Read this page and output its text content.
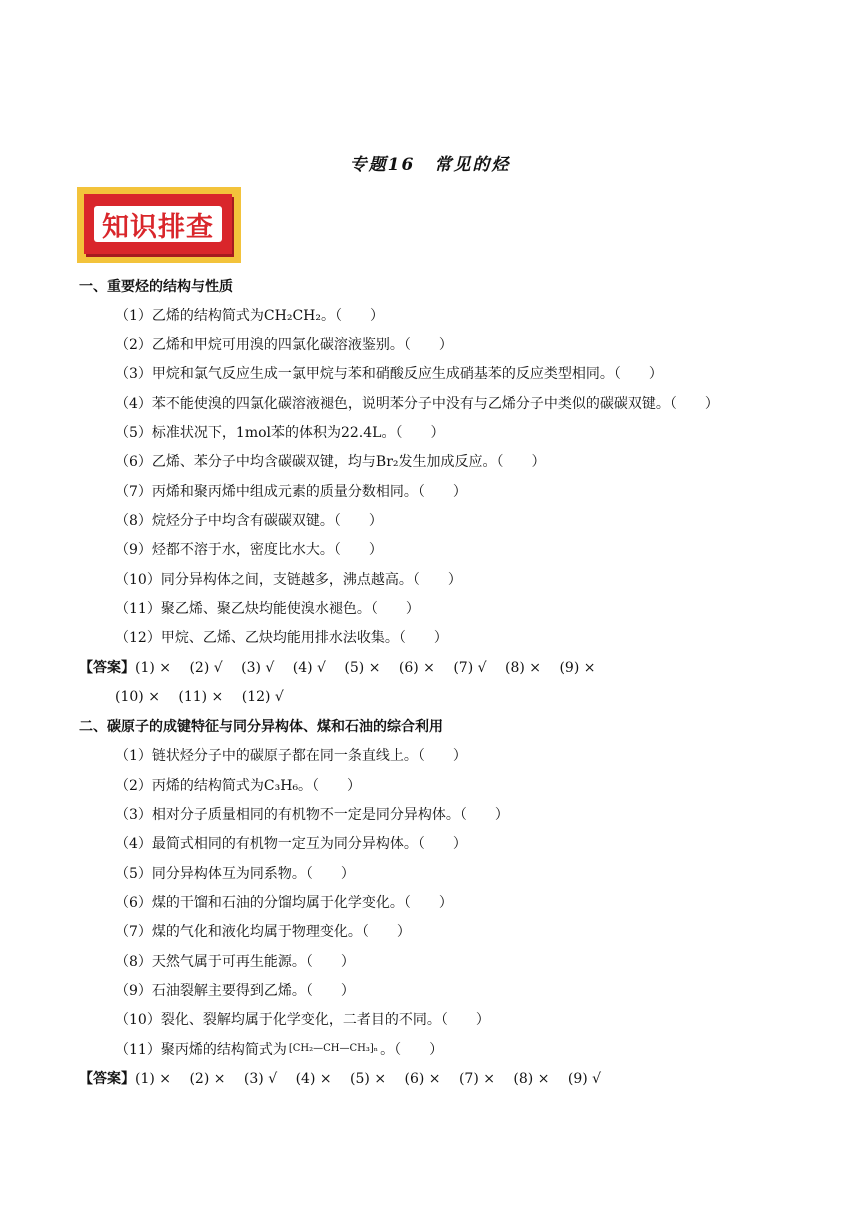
专题16　常见的烃
知识排查
一、重要烃的结构与性质
（1）乙烯的结构简式为CH₂CH₂。（　　）
（2）乙烯和甲烷可用溴的四氯化碳溶液鉴别。（　　）
（3）甲烷和氯气反应生成一氯甲烷与苯和硝酸反应生成硝基苯的反应类型相同。（　　）
（4）苯不能使溴的四氯化碳溶液褪色，说明苯分子中没有与乙烯分子中类似的碳碳双键。（　　）
（5）标准状况下，1mol苯的体积为22.4L。（　　）
（6）乙烯、苯分子中均含碳碳双键，均与Br₂发生加成反应。（　　）
（7）丙烯和聚丙烯中组成元素的质量分数相同。（　　）
（8）烷烃分子中均含有碳碳双键。（　　）
（9）烃都不溶于水，密度比水大。（　　）
（10）同分异构体之间，支链越多，沸点越高。（　　）
（11）聚乙烯、聚乙炔均能使溴水褪色。（　　）
（12）甲烷、乙烯、乙炔均能用排水法收集。（　　）
【答案】(1) ×　 (2) √　 (3) √　 (4) √　 (5) ×　 (6) ×　 (7) √　 (8) ×　 (9) ×
(10) ×　 (11) ×　 (12) √
二、碳原子的成键特征与同分异构体、煤和石油的综合利用
（1）链状烃分子中的碳原子都在同一条直线上。（　　）
（2）丙烯的结构简式为C₃H₆。（　　）
（3）相对分子质量相同的有机物不一定是同分异构体。（　　）
（4）最简式相同的有机物一定互为同分异构体。（　　）
（5）同分异构体互为同系物。（　　）
（6）煤的干馏和石油的分馏均属于化学变化。（　　）
（7）煤的气化和液化均属于物理变化。（　　）
（8）天然气属于可再生能源。（　　）
（9）石油裂解主要得到乙烯。（　　）
（10）裂化、裂解均属于化学变化，二者目的不同。（　　）
（11）聚丙烯的结构简式为 [CH₂—CH—CH₃]ₙ 。（　　）
【答案】(1) ×　 (2) ×　 (3) √　 (4) ×　 (5) ×　 (6) ×　 (7) ×　 (8) ×　 (9) √
